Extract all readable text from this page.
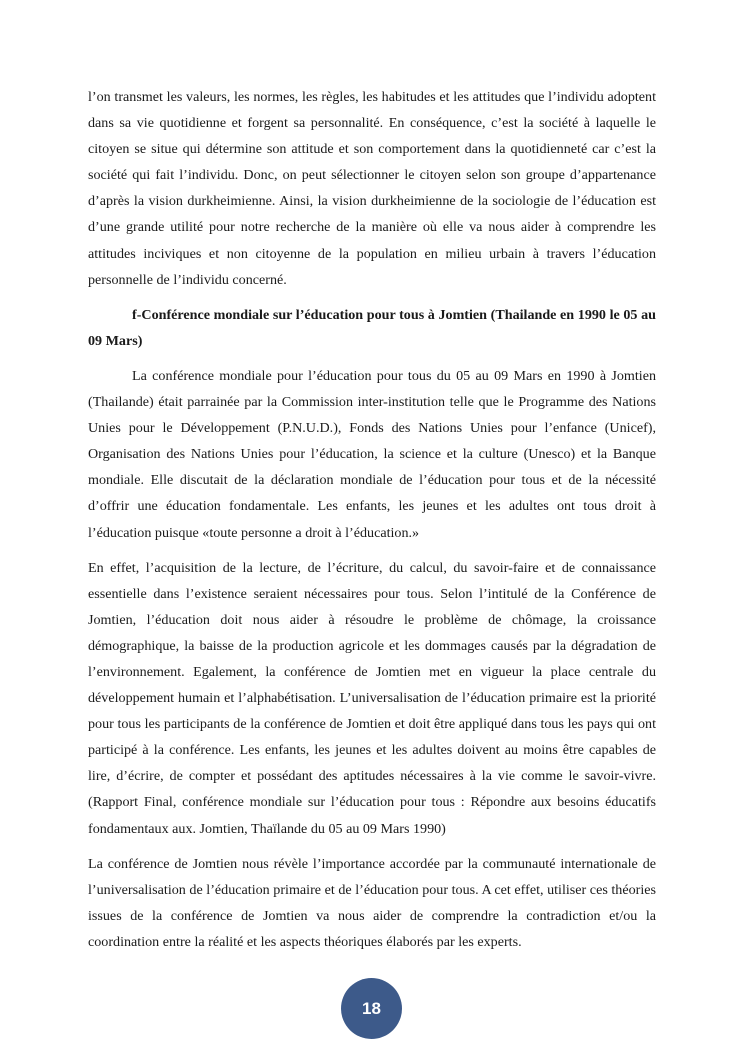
l’on transmet les valeurs, les normes, les règles, les habitudes et les attitudes que l’individu adoptent dans sa vie quotidienne et forgent sa personnalité. En conséquence, c’est la société à laquelle le citoyen se situe qui détermine son attitude et son comportement dans la quotidienneté car c’est la société qui fait l’individu. Donc, on peut sélectionner le citoyen selon son groupe d’appartenance d’après la vision durkheimienne. Ainsi, la vision durkheimienne de la sociologie de l’éducation est d’une grande utilité pour notre recherche de la manière où elle va nous aider à comprendre les attitudes inciviques et non citoyenne de la population en milieu urbain à travers l’éducation personnelle de l’individu concerné.

f-Conférence mondiale sur l’éducation pour tous à Jomtien (Thailande en 1990 le 05 au 09 Mars)

La conférence mondiale pour l’éducation pour tous du 05 au 09 Mars en 1990 à Jomtien (Thailande) était parrainée par la Commission inter-institution telle que le Programme des Nations Unies pour le Développement (P.N.U.D.), Fonds des Nations Unies pour l’enfance (Unicef), Organisation des Nations Unies pour l’éducation, la science et la culture (Unesco) et la Banque mondiale. Elle discutait de la déclaration mondiale de l’éducation pour tous et de la nécessité d’offrir une éducation fondamentale. Les enfants, les jeunes et les adultes ont tous droit à l’éducation puisque «toute personne a droit à l’éducation.»

En effet, l’acquisition de la lecture, de l’écriture, du calcul, du savoir-faire et de connaissance essentielle dans l’existence seraient nécessaires pour tous. Selon l’intitulé de la Conférence de Jomtien, l’éducation doit nous aider à résoudre le problème de chômage, la croissance démographique, la baisse de la production agricole et les dommages causés par la dégradation de l’environnement. Egalement, la conférence de Jomtien met en vigueur la place centrale du développement humain et l’alphabétisation. L’universalisation de l’éducation primaire est la priorité pour tous les participants de la conférence de Jomtien et doit être appliqué dans tous les pays qui ont participé à la conférence. Les enfants, les jeunes et les adultes doivent au moins être capables de lire, d’écrire, de compter et possédant des aptitudes nécessaires à la vie comme le savoir-vivre. (Rapport Final, conférence mondiale sur l’éducation pour tous : Répondre aux besoins éducatifs fondamentaux aux. Jomtien, Thaïlande du 05 au 09 Mars 1990)

La conférence de Jomtien nous révèle l’importance accordée par la communauté internationale de l’universalisation de l’éducation primaire et de l’éducation pour tous. A cet effet, utiliser ces théories issues de la conférence de Jomtien va nous aider de comprendre la contradiction et/ou la coordination entre la réalité et les aspects théoriques élaborés par les experts.

18
